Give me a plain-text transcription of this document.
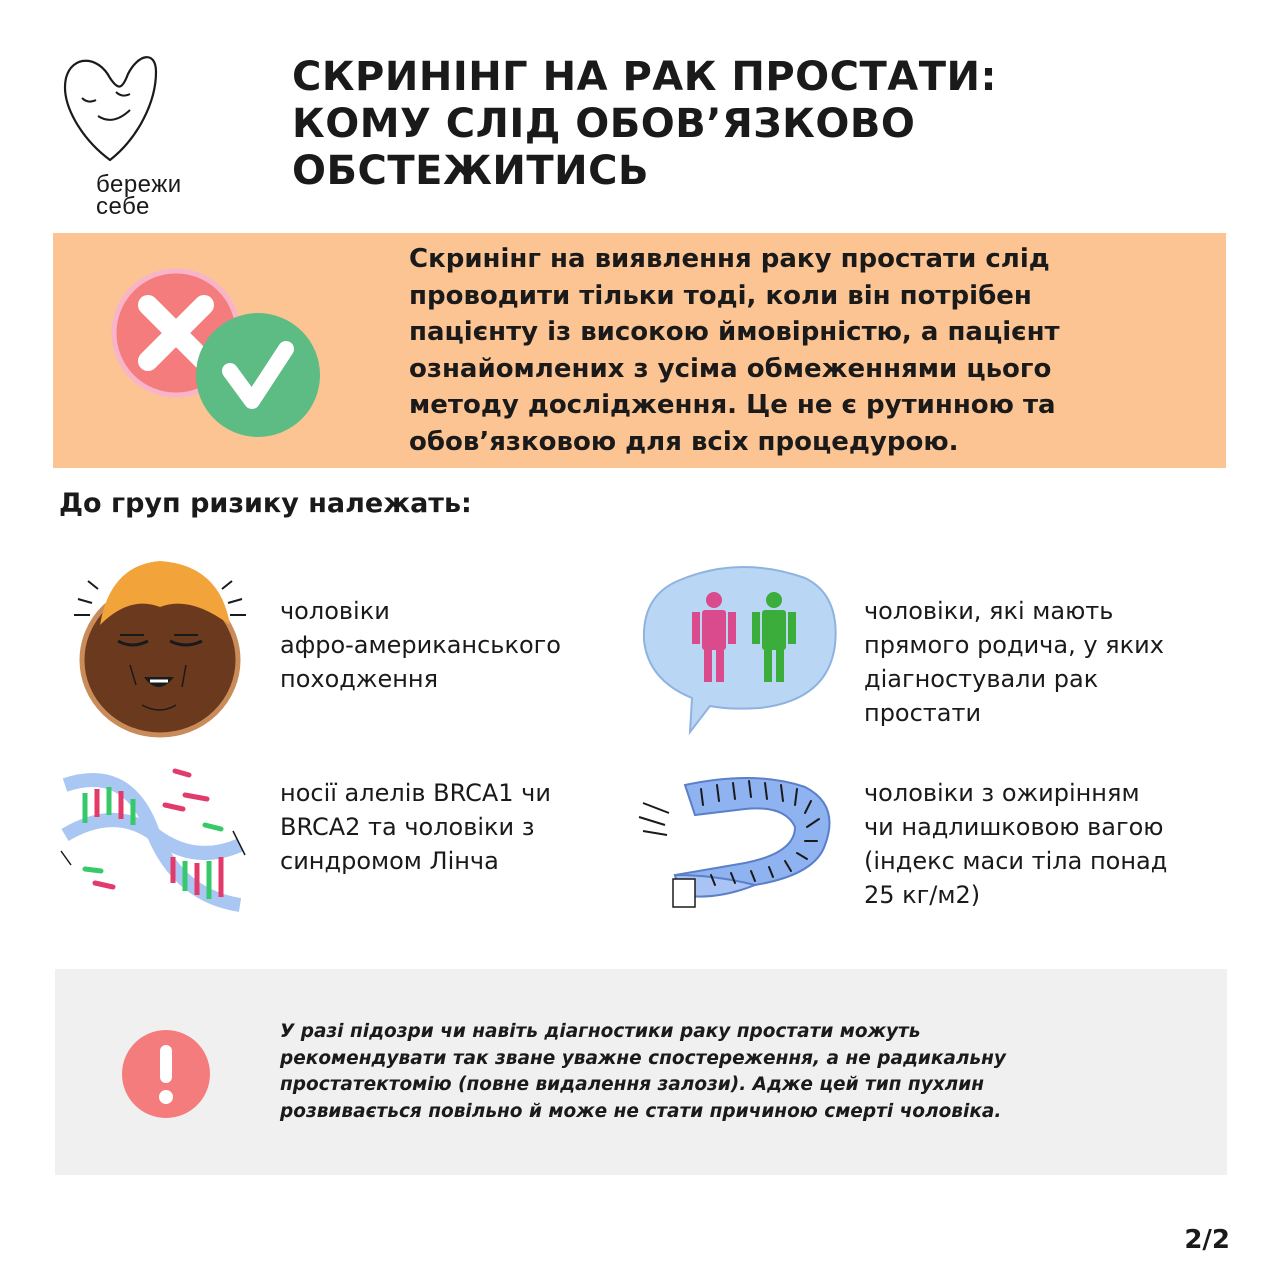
бережи
себе
СКРИНІНГ НА РАК ПРОСТАТИ:
КОМУ СЛІД ОБОВ’ЯЗКОВО
ОБСТЕЖИТИСЬ

Скринінг на виявлення раку простати слід
проводити тільки тоді, коли він потрібен
пацієнту із високою ймовірністю, а пацієнт
ознайомлених з усіма обмеженнями цього
методу дослідження. Це не є рутинною та
обов’язковою для всіх процедурою.

До груп ризику належать:

чоловіки

афро-американського

походження

чоловіки, які мають

прямого родича, у яких

діагностували рак

простати

носії алелів BRCA1 чи

BRCA2 та чоловіки з

синдромом Лінча

чоловіки з ожирінням

чи надлишковою вагою

(індекс маси тіла понад

25 кг/м2)

У разі підозри чи навіть діагностики раку простати можуть
рекомендувати так зване уважне спостереження, а не радикальну
простатектомію (повне видалення залози). Адже цей тип пухлин
розвивається повільно й може не стати причиною смерті чоловіка.

2/2
